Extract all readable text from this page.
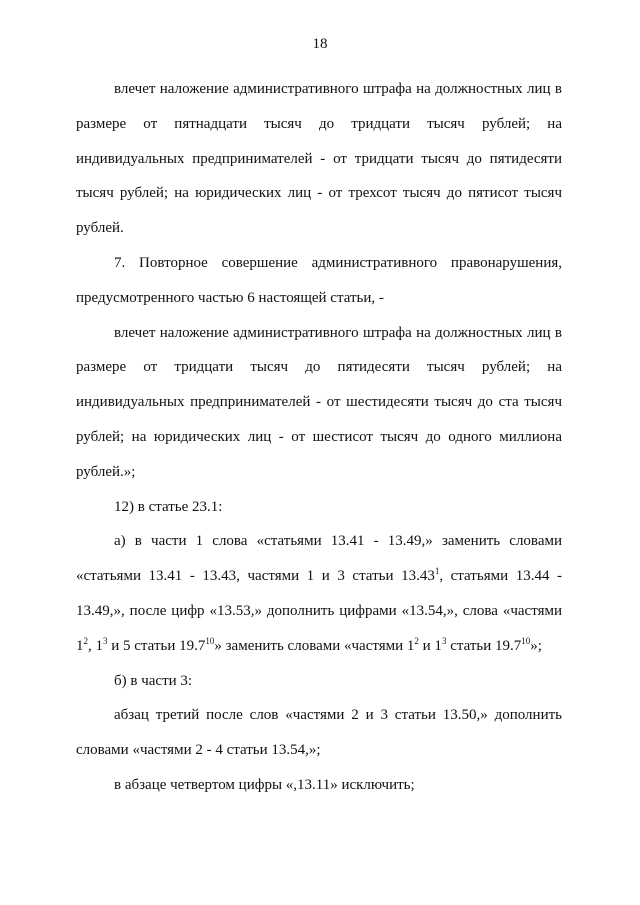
18

влечет наложение административного штрафа на должностных лиц в размере от пятнадцати тысяч до тридцати тысяч рублей; на индивидуальных предпринимателей - от тридцати тысяч до пятидесяти тысяч рублей; на юридических лиц - от трехсот тысяч до пятисот тысяч рублей.

7. Повторное совершение административного правонарушения, предусмотренного частью 6 настоящей статьи, -

влечет наложение административного штрафа на должностных лиц в размере от тридцати тысяч до пятидесяти тысяч рублей; на индивидуальных предпринимателей - от шестидесяти тысяч до ста тысяч рублей; на юридических лиц - от шестисот тысяч до одного миллиона рублей.»;

12) в статье 23.1:

а) в части 1 слова «статьями 13.41 - 13.49,» заменить словами «статьями 13.41 - 13.43, частями 1 и 3 статьи 13.43$^1$, статьями 13.44 - 13.49,», после цифр «13.53,» дополнить цифрами «13.54,», слова «частями $1^2$, $1^3$ и 5 статьи 19.7$^{10}$» заменить словами «частями $1^2$ и $1^3$ статьи 19.7$^{10}$»;

б) в части 3:

абзац третий после слов «частями 2 и 3 статьи 13.50,» дополнить словами «частями 2 - 4 статьи 13.54,»;

в абзаце четвертом цифры «,13.11» исключить;
